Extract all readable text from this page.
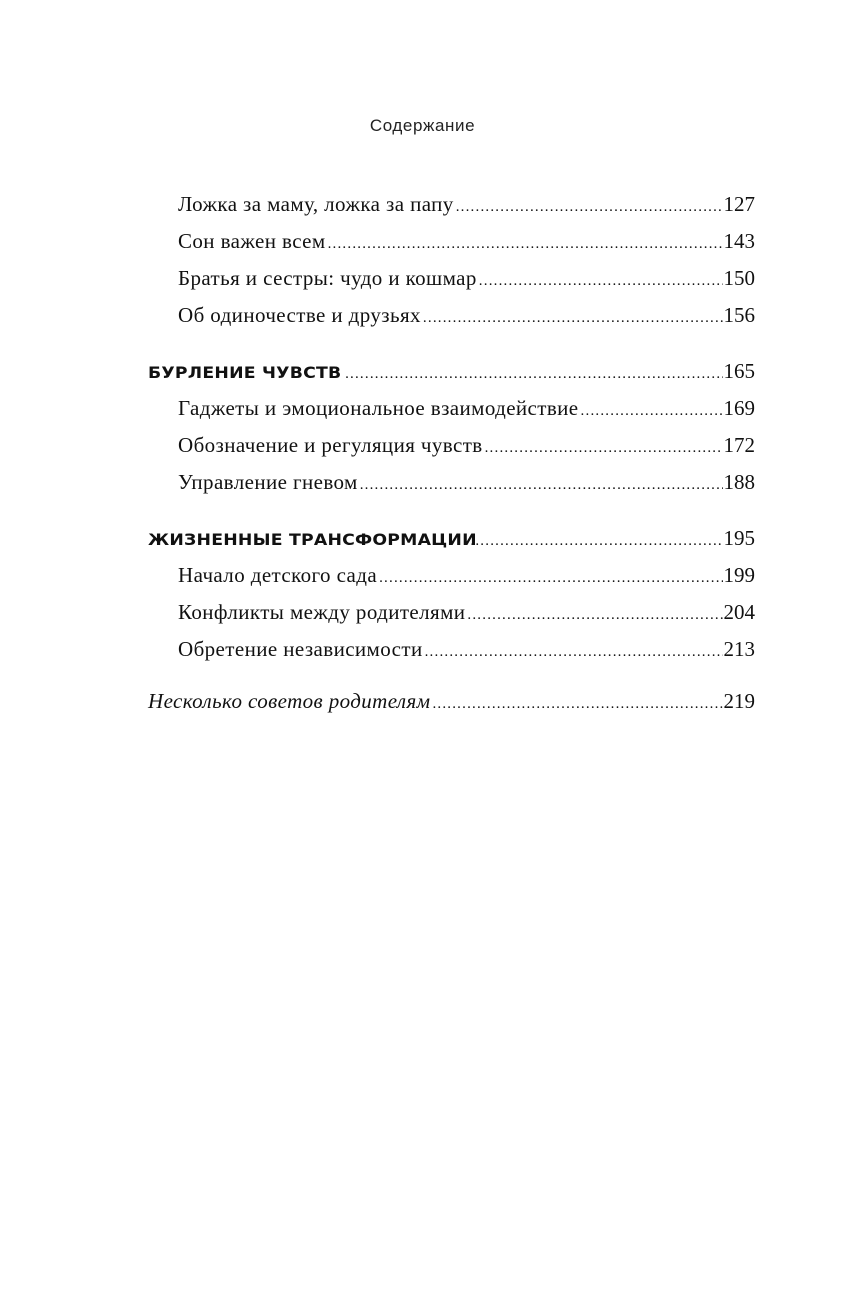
Содержание
Ложка за маму, ложка за папу .....	127
Сон важен всем .....	143
Братья и сестры: чудо и кошмар .....	150
Об одиночестве и друзьях .....	156
БУРЛЕНИЕ ЧУВСТВ .....	165
Гаджеты и эмоциональное взаимодействие .....	169
Обозначение и регуляция чувств .....	172
Управление гневом .....	188
ЖИЗНЕННЫЕ ТРАНСФОРМАЦИИ .....	195
Начало детского сада .....	199
Конфликты между родителями .....	204
Обретение независимости .....	213
Несколько советов родителям .....	219
